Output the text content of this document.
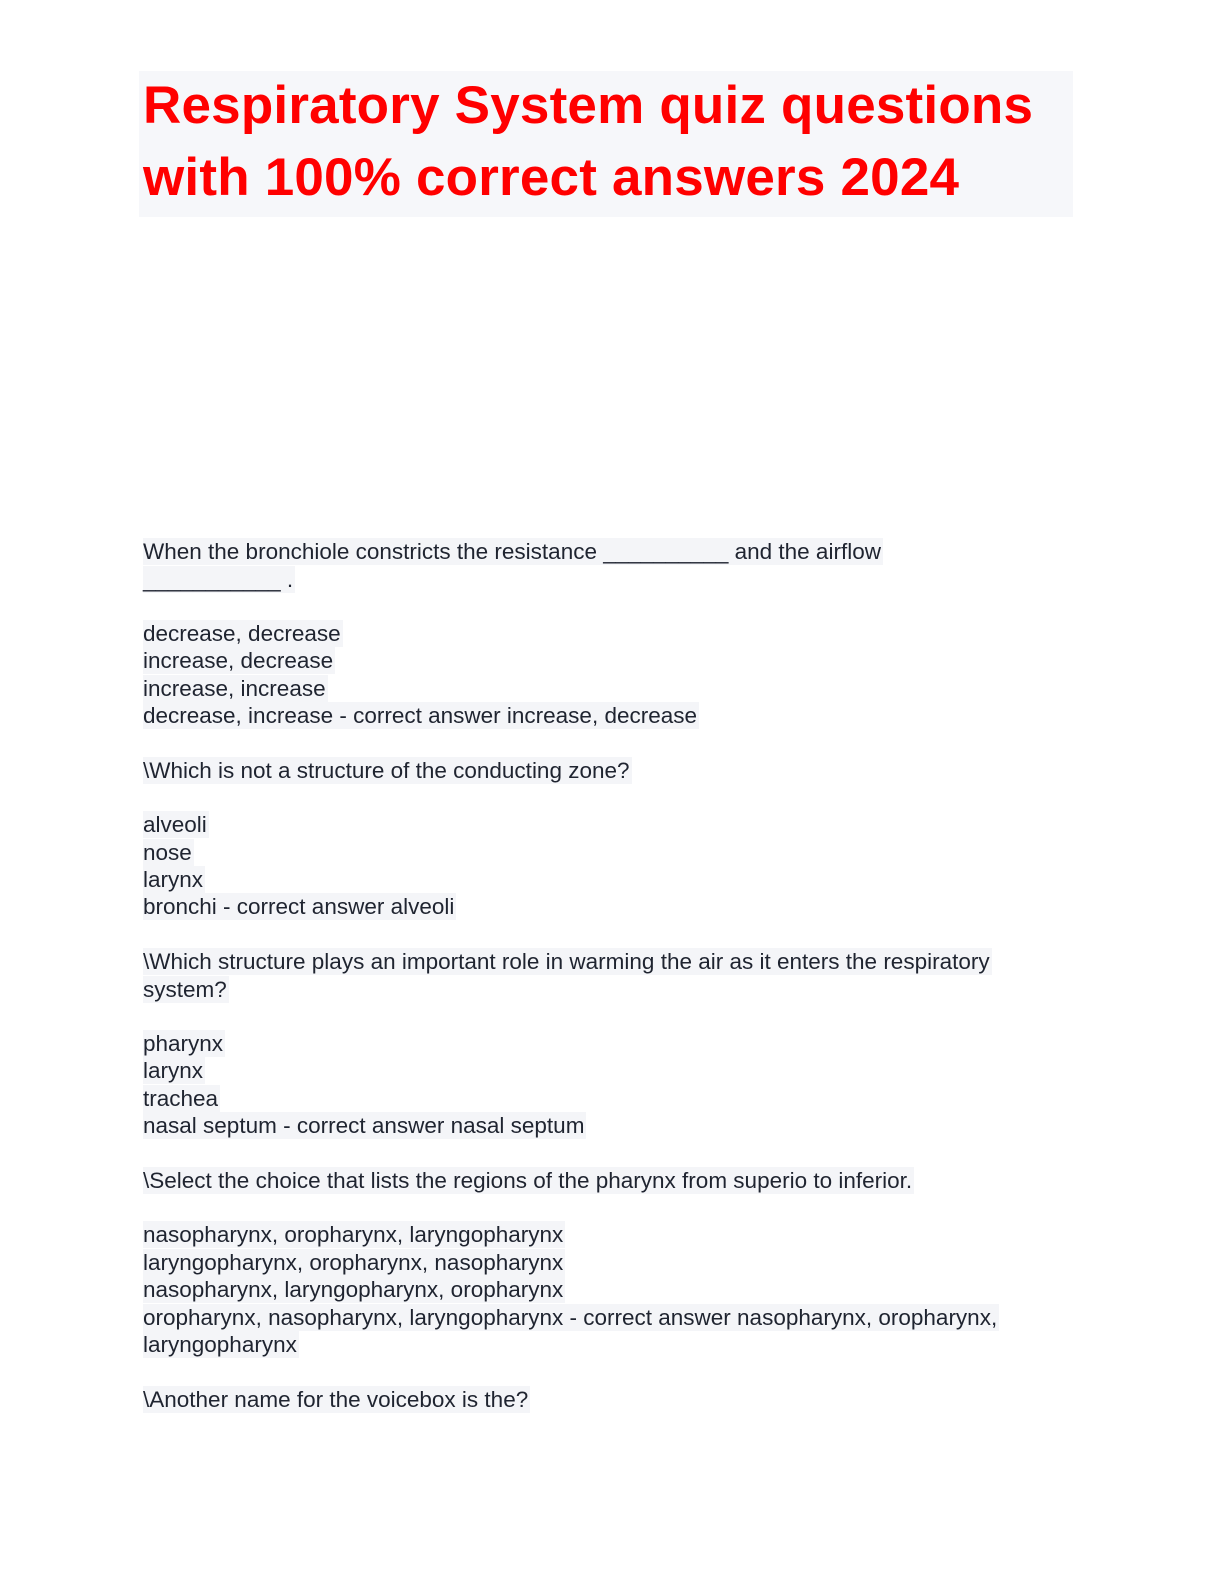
Respiratory System quiz questions
with 100% correct answers 2024
When the bronchiole constricts the resistance __________ and the airflow
___________ .
decrease, decrease
increase, decrease
increase, increase
decrease, increase - correct answer increase, decrease
\Which is not a structure of the conducting zone?
alveoli
nose
larynx
bronchi - correct answer alveoli
\Which structure plays an important role in warming the air as it enters the respiratory
system?
pharynx
larynx
trachea
nasal septum - correct answer nasal septum
\Select the choice that lists the regions of the pharynx from superio to inferior.
nasopharynx, oropharynx, laryngopharynx
laryngopharynx, oropharynx, nasopharynx
nasopharynx, laryngopharynx, oropharynx
oropharynx, nasopharynx, laryngopharynx - correct answer nasopharynx, oropharynx,
laryngopharynx
\Another name for the voicebox is the?
